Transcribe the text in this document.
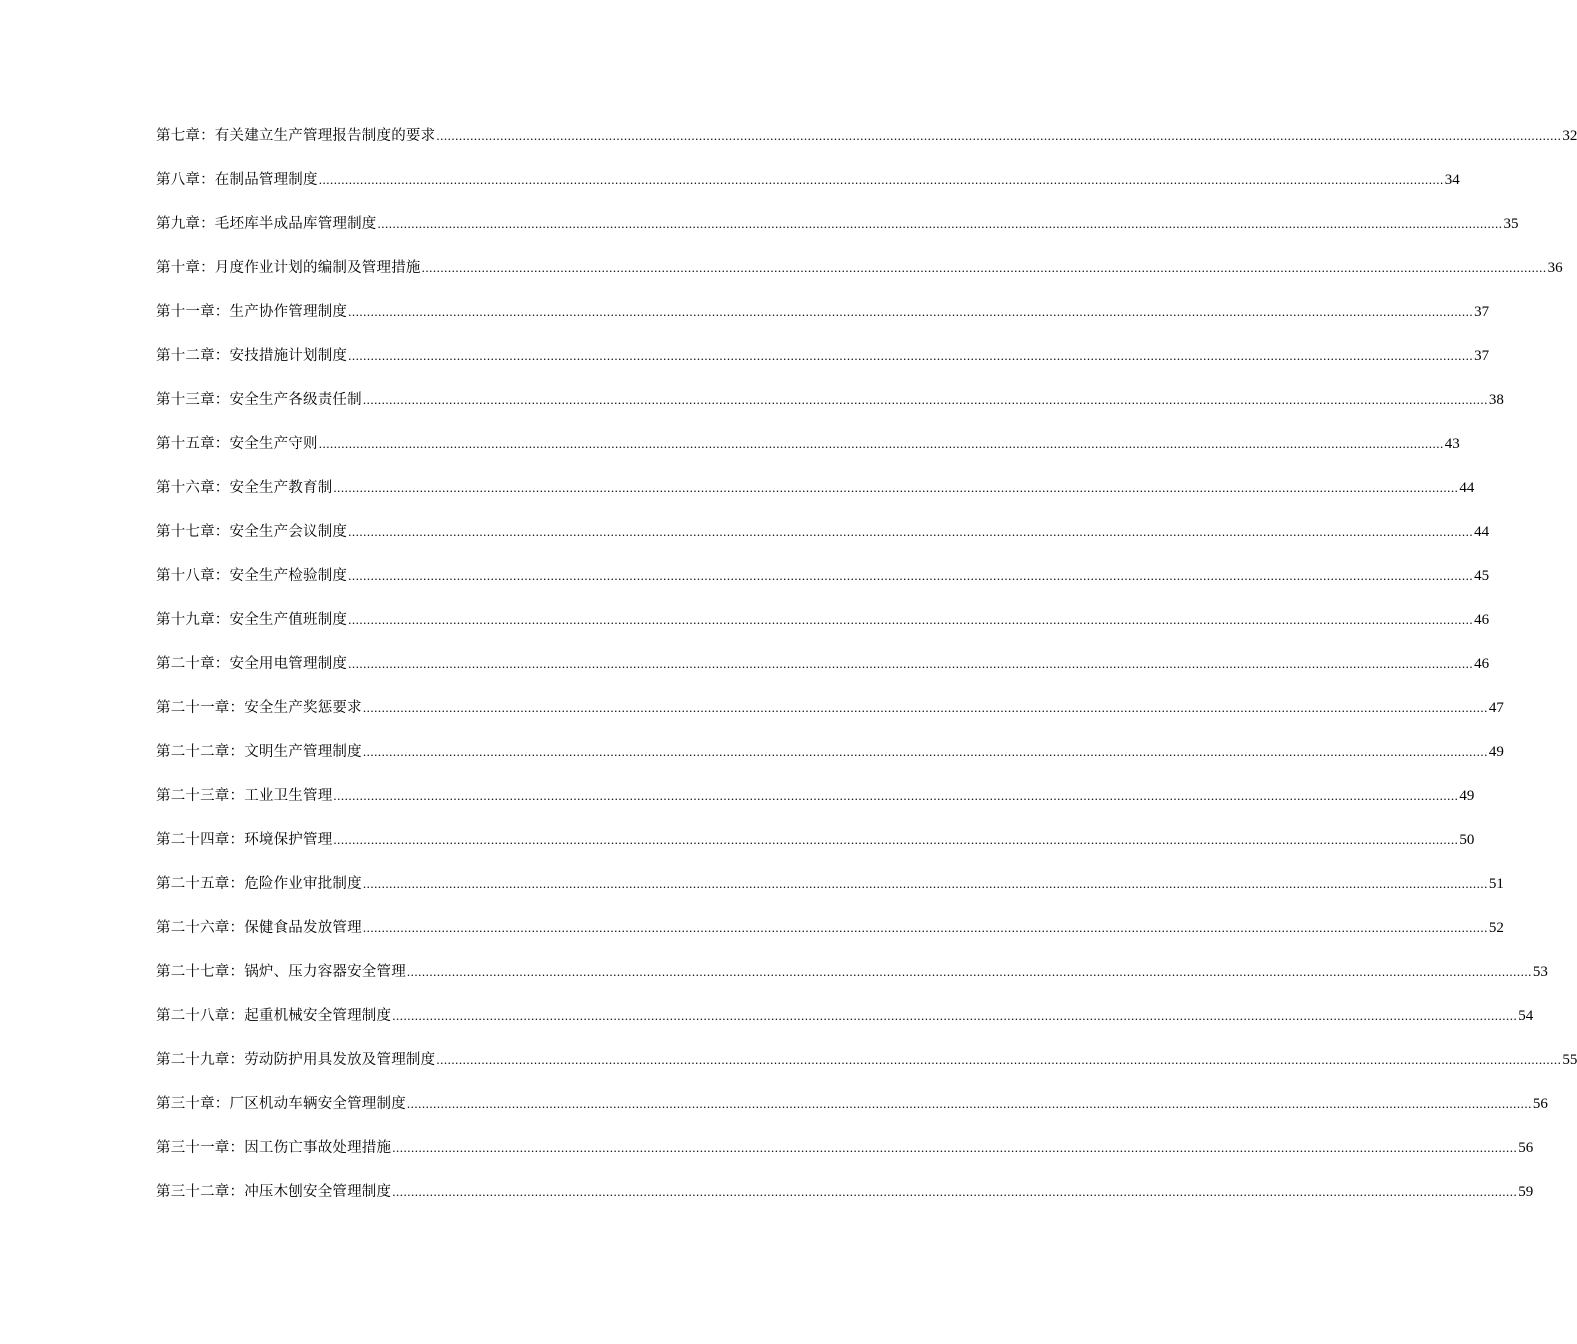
第七章：有关建立生产管理报告制度的要求 ............................................................................................................................................................................................................................................................................................................ 32
第八章：在制品管理制度 ............................................................................................................................................................................................................................................................................................................ 34
第九章：毛坯库半成品库管理制度 ............................................................................................................................................................................................................................................................................................................ 35
第十章：月度作业计划的编制及管理措施 ............................................................................................................................................................................................................................................................................................................ 36
第十一章：生产协作管理制度 ............................................................................................................................................................................................................................................................................................................ 37
第十二章：安技措施计划制度 ............................................................................................................................................................................................................................................................................................................ 37
第十三章：安全生产各级责任制 ............................................................................................................................................................................................................................................................................................................ 38
第十五章：安全生产守则 ............................................................................................................................................................................................................................................................................................................ 43
第十六章：安全生产教育制 ............................................................................................................................................................................................................................................................................................................ 44
第十七章：安全生产会议制度 ............................................................................................................................................................................................................................................................................................................ 44
第十八章：安全生产检验制度 ............................................................................................................................................................................................................................................................................................................ 45
第十九章：安全生产值班制度 ............................................................................................................................................................................................................................................................................................................ 46
第二十章：安全用电管理制度 ............................................................................................................................................................................................................................................................................................................ 46
第二十一章：安全生产奖惩要求 ............................................................................................................................................................................................................................................................................................................ 47
第二十二章：文明生产管理制度 ............................................................................................................................................................................................................................................................................................................ 49
第二十三章：工业卫生管理 ............................................................................................................................................................................................................................................................................................................ 49
第二十四章：环境保护管理 ............................................................................................................................................................................................................................................................................................................ 50
第二十五章：危险作业审批制度 ............................................................................................................................................................................................................................................................................................................ 51
第二十六章：保健食品发放管理 ............................................................................................................................................................................................................................................................................................................ 52
第二十七章：锅炉、压力容器安全管理 ............................................................................................................................................................................................................................................................................................................ 53
第二十八章：起重机械安全管理制度 ............................................................................................................................................................................................................................................................................................................ 54
第二十九章：劳动防护用具发放及管理制度 ............................................................................................................................................................................................................................................................................................................ 55
第三十章：厂区机动车辆安全管理制度 ............................................................................................................................................................................................................................................................................................................ 56
第三十一章：因工伤亡事故处理措施 ............................................................................................................................................................................................................................................................................................................ 56
第三十二章：冲压木刨安全管理制度 ............................................................................................................................................................................................................................................................................................................ 59
